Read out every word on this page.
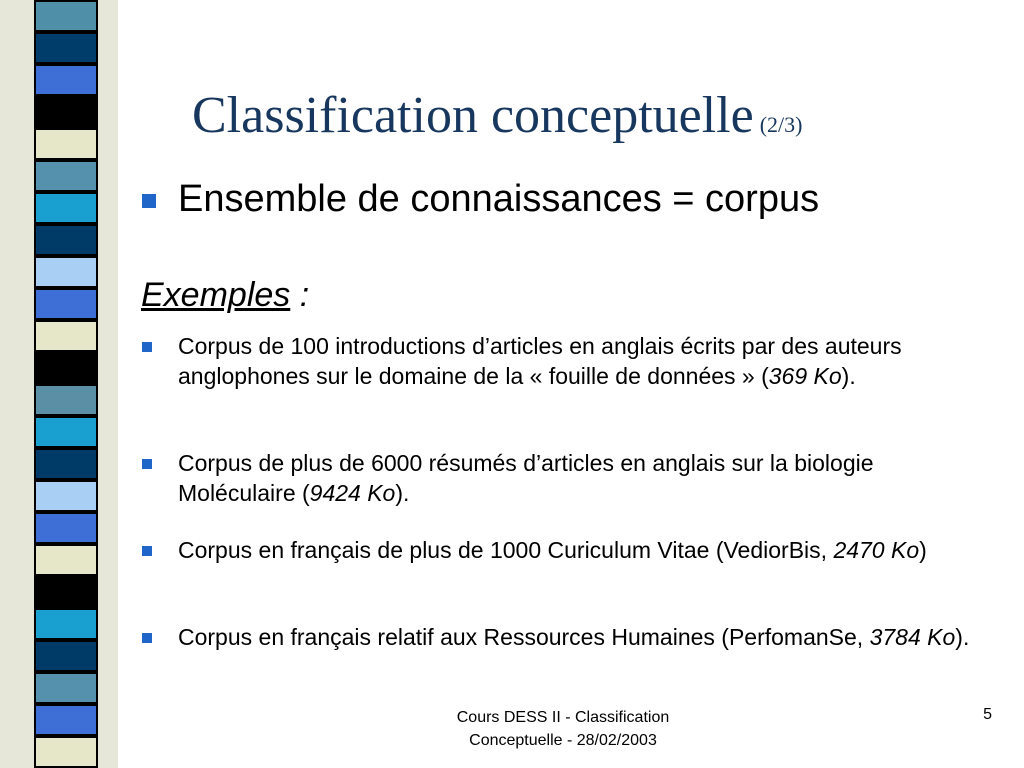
Classification conceptuelle (2/3)
Ensemble de connaissances = corpus
Exemples :
Corpus de 100 introductions d’articles en anglais écrits par des auteurs anglophones sur le domaine de la « fouille de données » (369 Ko).
Corpus de plus de 6000 résumés d’articles en anglais sur la biologie Moléculaire (9424 Ko).
Corpus en français de plus de 1000 Curiculum Vitae (VediorBis, 2470 Ko)
Corpus en français relatif aux Ressources Humaines (PerfomanSe, 3784 Ko).
Cours DESS II - Classification
Conceptuelle - 28/02/2003
5
